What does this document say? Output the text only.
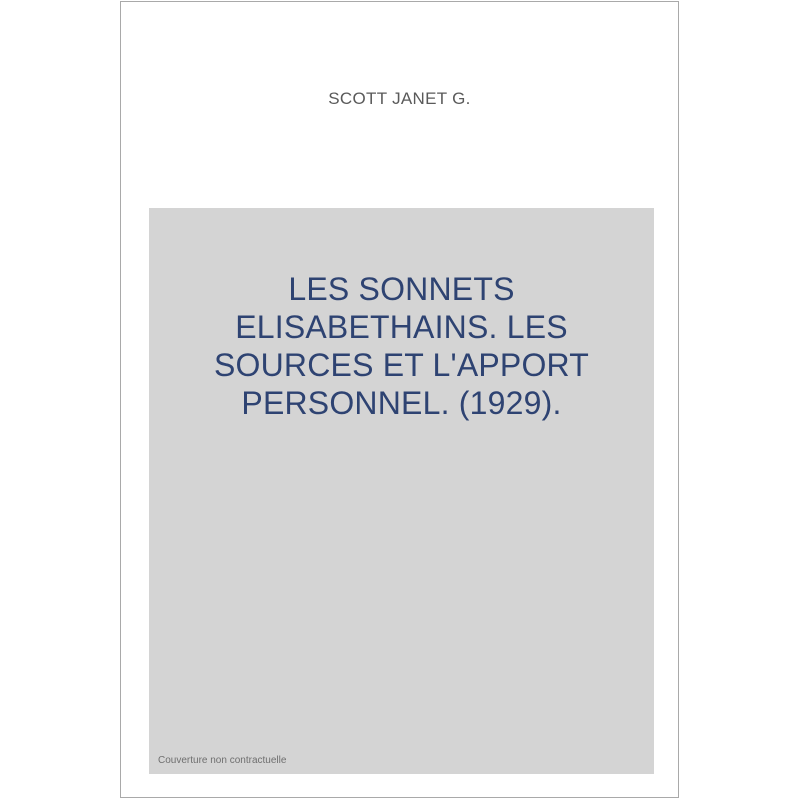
SCOTT JANET G.
LES SONNETS ELISABETHAINS. LES SOURCES ET L'APPORT PERSONNEL. (1929).
Couverture non contractuelle
